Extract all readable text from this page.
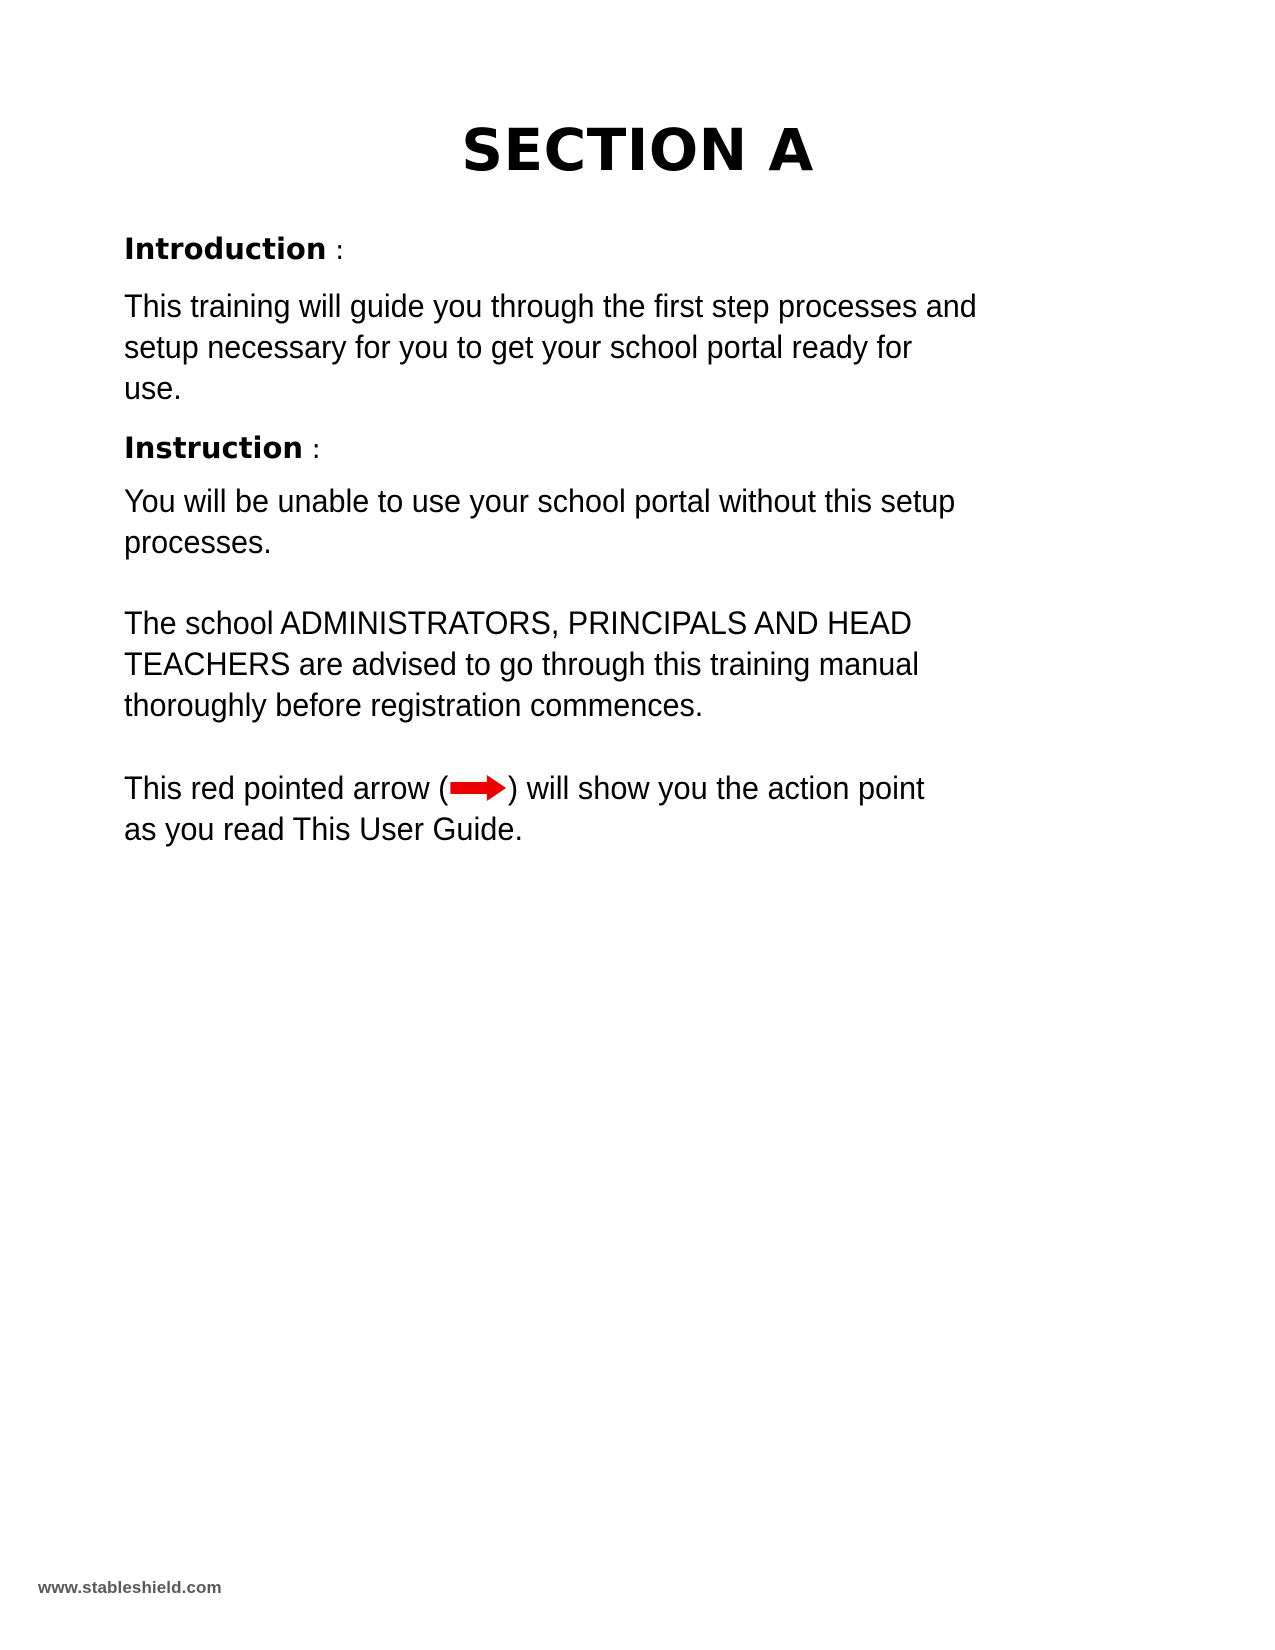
SECTION A
Introduction :
This training will guide you through the first step processes and
setup necessary for you to get your school portal ready for
use.
Instruction :
You will be unable to use your school portal without this setup
processes.
The school ADMINISTRATORS, PRINCIPALS AND HEAD
TEACHERS are advised to go through this training manual
thoroughly before registration commences.
This red pointed arrow ( ) will show you the action point
as you read This User Guide.
www.stableshield.com
